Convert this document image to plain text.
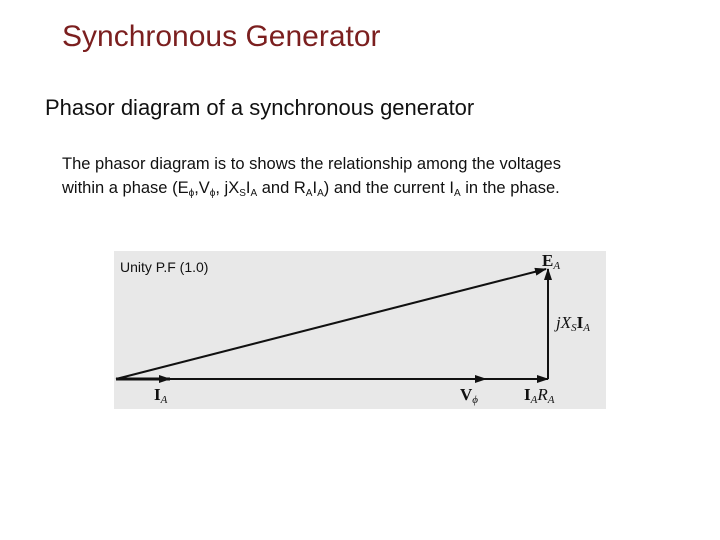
Synchronous Generator
Phasor diagram of a synchronous generator
The phasor diagram is to shows the relationship among the voltages
within a phase ($E_\phi,V_\phi$, $jX_SI_A$ and $R_AI_A$) and the current $I_A$ in the phase.
Unity P.F (1.0)	$E_A$
$jX_SI_A$
$I_A$	$V_\phi$	$I_AR_A$
